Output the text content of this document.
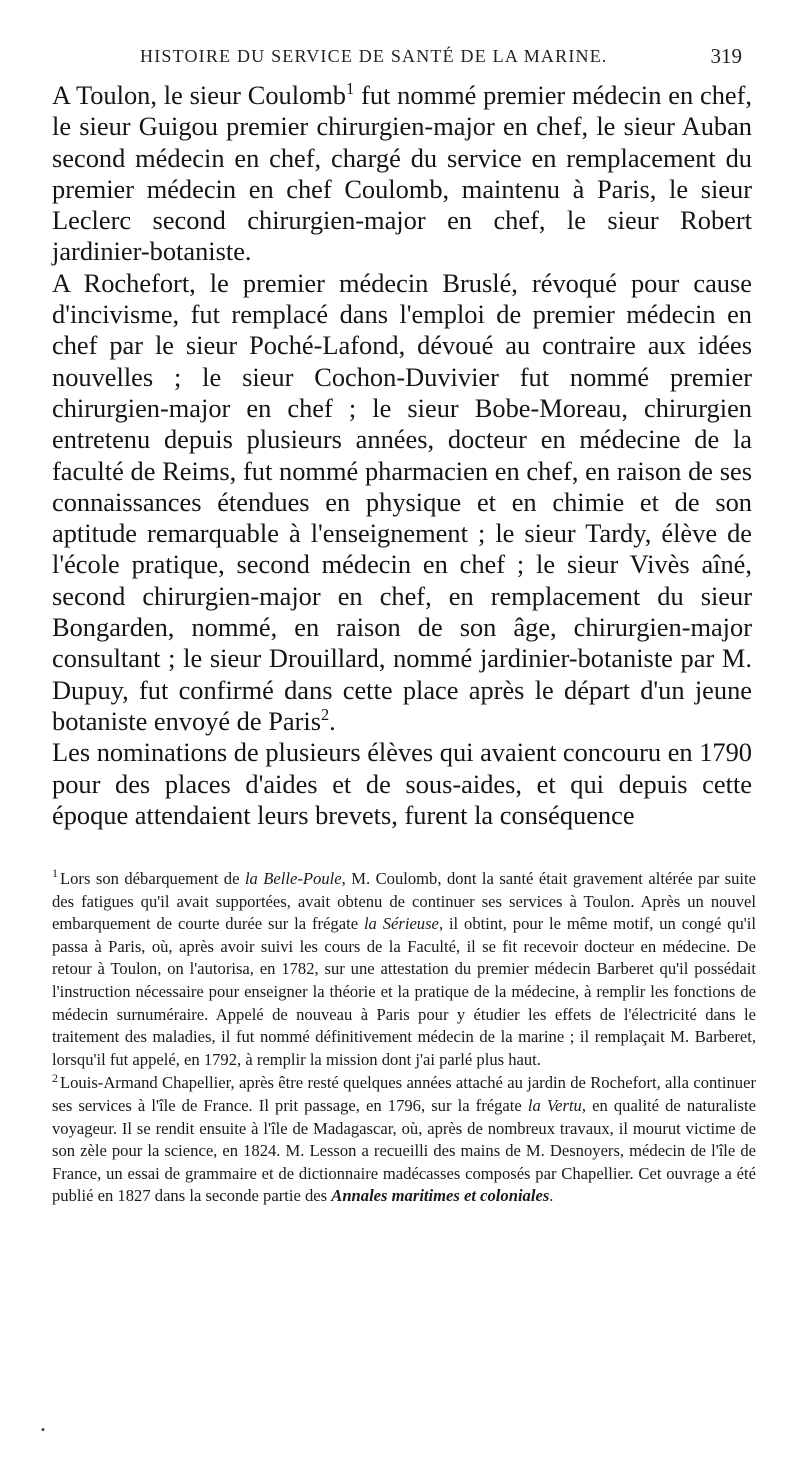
HISTOIRE DU SERVICE DE SANTÉ DE LA MARINE.	319

A Toulon, le sieur Coulomb$^1$ fut nommé premier médecin en chef, le sieur Guigou premier chirurgien-major en chef, le sieur Auban second médecin en chef, chargé du service en remplacement du premier médecin en chef Coulomb, maintenu à Paris, le sieur Leclerc second chirurgien-major en chef, le sieur Robert jardinier-botaniste.

A Rochefort, le premier médecin Bruslé, révoqué pour cause d'incivisme, fut remplacé dans l'emploi de premier médecin en chef par le sieur Poché-Lafond, dévoué au contraire aux idées nouvelles ; le sieur Cochon-Duvivier fut nommé premier chirurgien-major en chef ; le sieur Bobe-Moreau, chirurgien entretenu depuis plusieurs années, docteur en médecine de la faculté de Reims, fut nommé pharmacien en chef, en raison de ses connaissances étendues en physique et en chimie et de son aptitude remarquable à l'enseignement ; le sieur Tardy, élève de l'école pratique, second médecin en chef ; le sieur Vivès aîné, second chirurgien-major en chef, en remplacement du sieur Bongarden, nommé, en raison de son âge, chirurgien-major consultant ; le sieur Drouillard, nommé jardinier-botaniste par M. Dupuy, fut confirmé dans cette place après le départ d'un jeune botaniste envoyé de Paris$^2$.

Les nominations de plusieurs élèves qui avaient concouru en 1790 pour des places d'aides et de sous-aides, et qui depuis cette époque attendaient leurs brevets, furent la conséquence

$^1$ Lors son débarquement de la Belle-Poule, M. Coulomb, dont la santé était gravement altérée par suite des fatigues qu'il avait supportées, avait obtenu de continuer ses services à Toulon. Après un nouvel embarquement de courte durée sur la frégate la Sérieuse, il obtint, pour le même motif, un congé qu'il passa à Paris, où, après avoir suivi les cours de la Faculté, il se fit recevoir docteur en médecine. De retour à Toulon, on l'autorisa, en 1782, sur une attestation du premier médecin Barberet qu'il possédait l'instruction nécessaire pour enseigner la théorie et la pratique de la médecine, à remplir les fonctions de médecin surnuméraire. Appelé de nouveau à Paris pour y étudier les effets de l'électricité dans le traitement des maladies, il fut nommé définitivement médecin de la marine ; il remplaçait M. Barberet, lorsqu'il fut appelé, en 1792, à remplir la mission dont j'ai parlé plus haut.

$^2$ Louis-Armand Chapellier, après être resté quelques années attaché au jardin de Rochefort, alla continuer ses services à l'île de France. Il prit passage, en 1796, sur la frégate la Vertu, en qualité de naturaliste voyageur. Il se rendit ensuite à l'île de Madagascar, où, après de nombreux travaux, il mourut victime de son zèle pour la science, en 1824. M. Lesson a recueilli des mains de M. Desnoyers, médecin de l'île de France, un essai de grammaire et de dictionnaire madécasses composés par Chapellier. Cet ouvrage a été publié en 1827 dans la seconde partie des Annales maritimes et coloniales.

•
